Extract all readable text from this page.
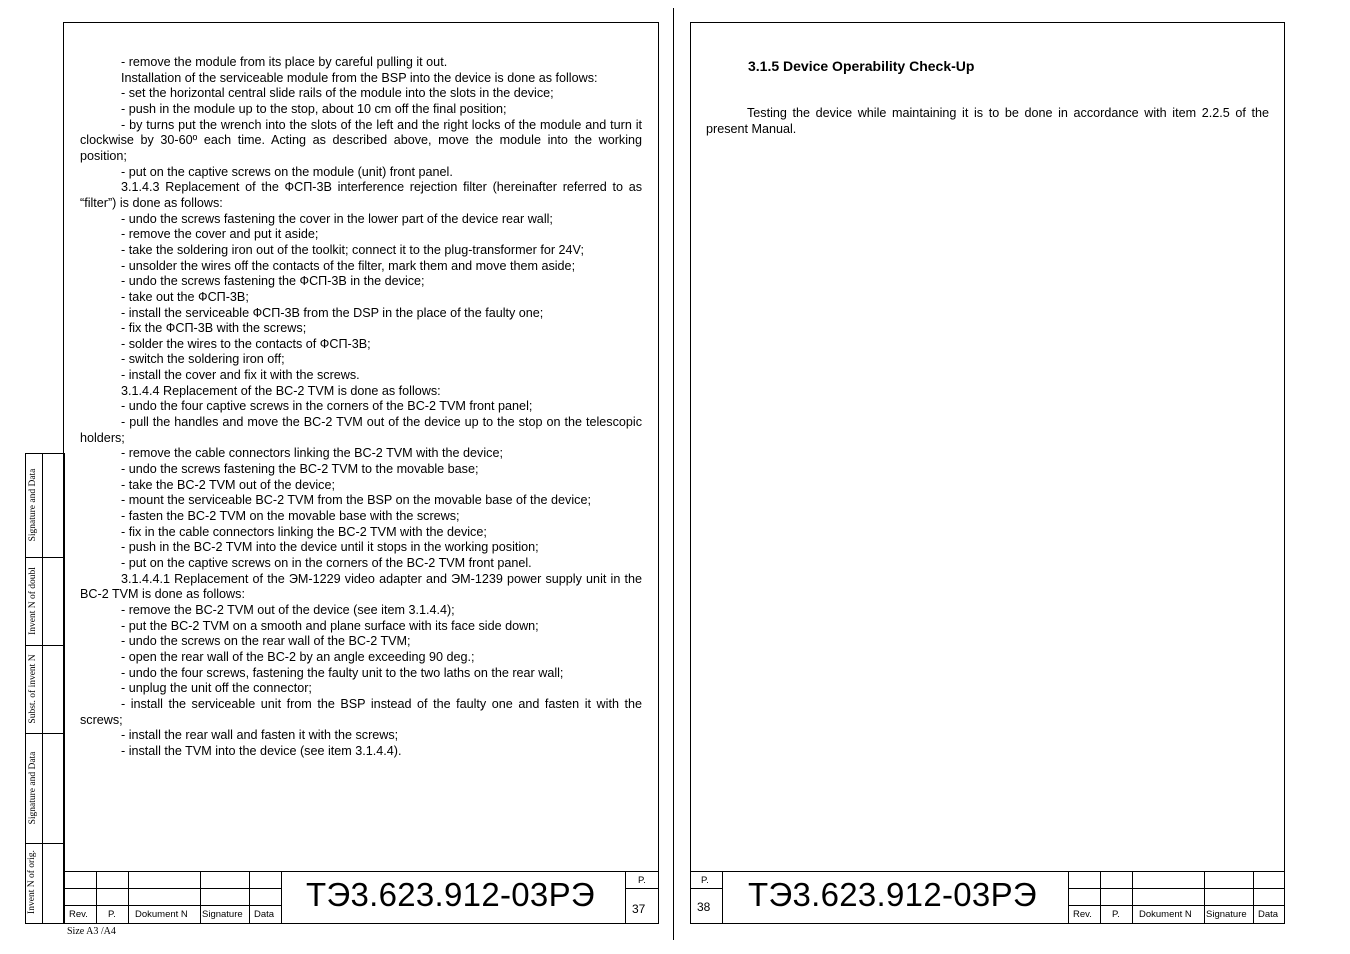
- remove the module from its place by careful pulling it out.

Installation of the serviceable module from the BSP into the device is done as follows:

- set the horizontal central slide rails of the module into the slots in the device;

- push in the module up to the stop, about 10 cm off the final position;

- by turns put the wrench into the slots of the left and the right locks of the module and turn it clockwise by 30-60º each time. Acting as described above, move the module into the working position;

- put on the captive screws on the module (unit) front panel.

3.1.4.3 Replacement of the ФСП-3В interference rejection filter (hereinafter referred to as “filter”) is done as follows:

- undo the screws fastening the cover in the lower part of the device rear wall;

- remove the cover and put it aside;

- take the soldering iron out of the toolkit; connect it to the plug-transformer for 24V;

- unsolder the wires off the contacts of the filter, mark them and move them aside;

- undo the screws fastening the ФСП-3В in the device;

- take out the ФСП-3В;

- install the serviceable ФСП-3В from the DSP in the place of the faulty one;

- fix the ФСП-3В with the screws;

- solder the wires to the contacts of ФСП-3В;

- switch the soldering iron off;

- install the cover and fix it with the screws.

3.1.4.4 Replacement of the BC-2 TVM is done as follows:

- undo the four captive screws in the corners of the BC-2 TVM front panel;

- pull the handles and move the BC-2 TVM out of the device up to the stop on the telescopic holders;

- remove the cable connectors linking the BC-2 TVM with the device;

- undo the screws fastening the BC-2 TVM to the movable base;

- take the BC-2 TVM out of the device;

- mount the serviceable BC-2 TVM from the BSP on the movable base of the device;

- fasten the BC-2 TVM on the movable base with the screws;

- fix in the cable connectors linking the BC-2 TVM with the device;

- push in the BC-2 TVM into the device until it stops in the working position;

- put on the captive screws on in the corners of the BC-2 TVM front panel.

3.1.4.4.1 Replacement of the ЭМ-1229 video adapter and ЭМ-1239 power supply unit in the BC-2 TVM is done as follows:

- remove the BC-2 TVM out of the device (see item 3.1.4.4);

- put the BC-2 TVM on a smooth and plane surface with its face side down;

- undo the screws on the rear wall of the BC-2 TVM;

- open the rear wall of the BC-2 by an angle exceeding 90 deg.;

- undo the four screws, fastening the faulty unit to the two laths on the rear wall;

- unplug the unit off the connector;

- install the serviceable unit from the BSP instead of the faulty one and fasten it with the screws;

- install the rear wall and fasten it with the screws;

- install the TVM into the device (see item 3.1.4.4).

Invent N of orig.
Signature and Data
Subst. of invent N
Invent N of doubl
Signature and Data
Size A3 /A4
Rev. P. Dokument N Signature Data
ТЭ3.623.912-03РЭ	P.
37
3.1.5 Device Operability Check-Up

Testing the device while maintaining it is to be done in accordance with item 2.2.5 of the present Manual.

P.
38 ТЭ3.623.912-03РЭ
Rev. P. Dokument N Signature Data
